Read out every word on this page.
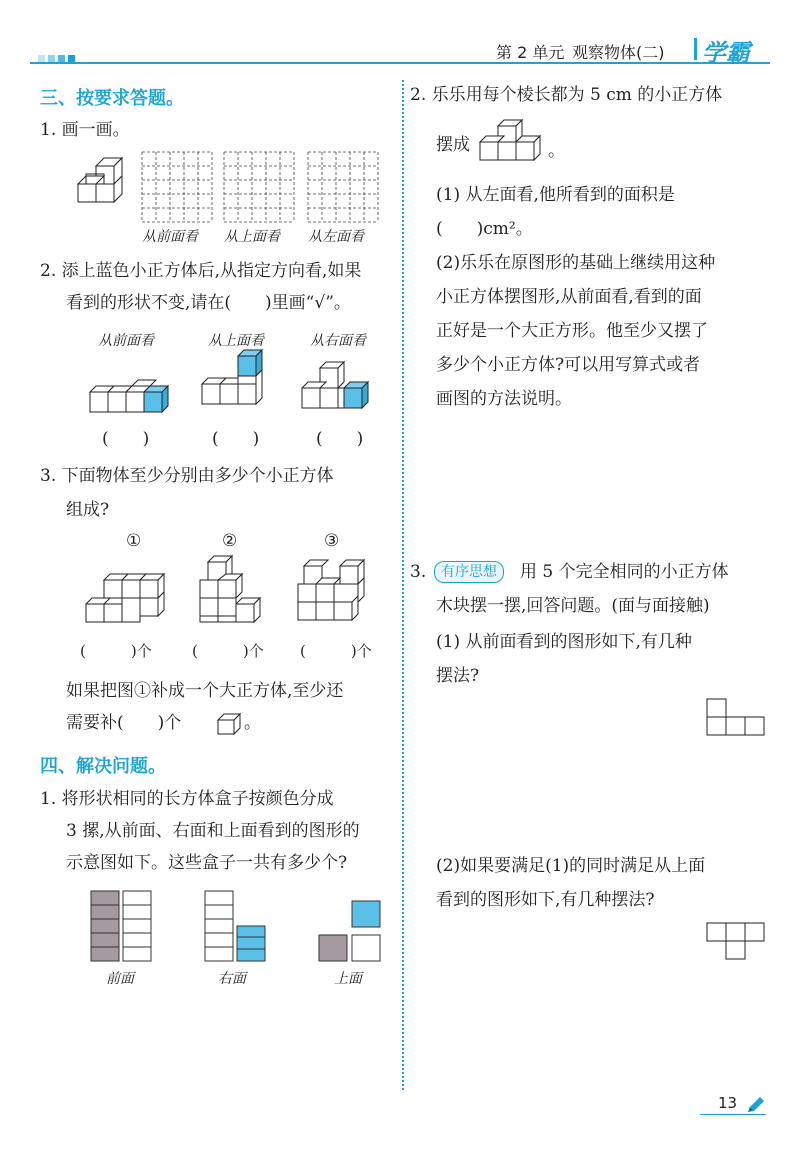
第 2 单元 观察物体(二) 学霸
三、按要求答题。
1. 画一画。
从前面看 从上面看 从左面看
2. 添上蓝色小正方体后,从指定方向看,如果
看到的形状不变,请在(　　)里画“√”。
从前面看	从上面看	从右面看
(　　)	(　　)	(　　)
3. 下面物体至少分别由多少个小正方体
组成?
①	②	③
(　　　)个	(　　　)个 (　　　)个
如果把图①补成一个大正方体,至少还
需要补(　　)个	。
四、解决问题。
1. 将形状相同的长方体盒子按颜色分成
3 摞,从前面、右面和上面看到的图形的
示意图如下。这些盒子一共有多少个?
前面	右面	上面
2. 乐乐用每个棱长都为 5 cm 的小正方体
摆成	。
(1) 从左面看,他所看到的面积是
(　　)cm²。
(2)乐乐在原图形的基础上继续用这种
小正方体摆图形,从前面看,看到的面
正好是一个大正方形。他至少又摆了
多少个小正方体?可以用写算式或者
画图的方法说明。
3.	有序思想	用 5 个完全相同的小正方体
木块摆一摆,回答问题。(面与面接触)
(1) 从前面看到的图形如下,有几种
摆法?
(2)如果要满足(1)的同时满足从上面
看到的图形如下,有几种摆法?
13
